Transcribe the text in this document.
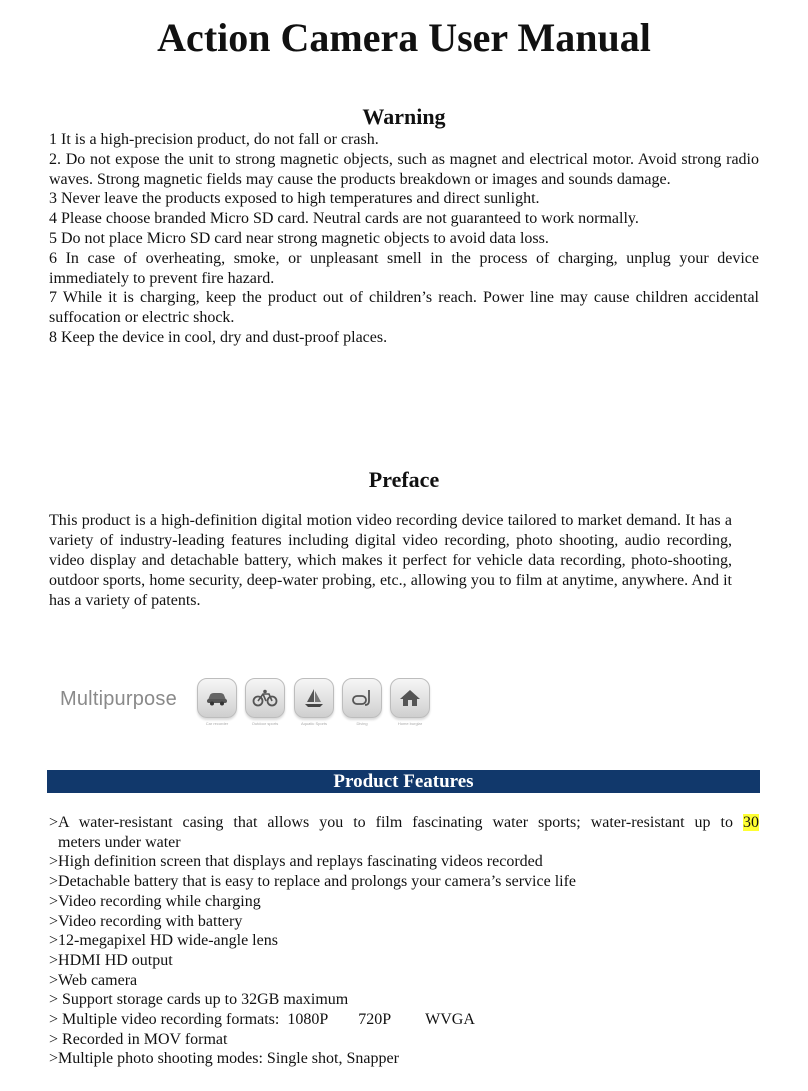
Action Camera User Manual
Warning

1 It is a high-precision product, do not fall or crash.

2. Do not expose the unit to strong magnetic objects, such as magnet and electrical motor. Avoid strong radio waves. Strong magnetic fields may cause the products breakdown or images and sounds damage.

3 Never leave the products exposed to high temperatures and direct sunlight.

4 Please choose branded Micro SD card. Neutral cards are not guaranteed to work normally.

5 Do not place Micro SD card near strong magnetic objects to avoid data loss.

6 In case of overheating, smoke, or unpleasant smell in the process of charging, unplug your device immediately to prevent fire hazard.

7 While it is charging, keep the product out of children’s reach. Power line may cause children accidental suffocation or electric shock.

8 Keep the device in cool, dry and dust-proof places.

Preface

This product is a high-definition digital motion video recording device tailored to market demand. It has a variety of industry-leading features including digital video recording, photo shooting, audio recording, video display and detachable battery, which makes it perfect for vehicle data recording, photo-shooting, outdoor sports, home security, deep-water probing, etc., allowing you to film at anytime, anywhere. And it has a variety of patents.

Multipurpose
Car recorder	Outdoor sports	Aquatic Sports	Diving	Home burglar
Product Features

>A water-resistant casing that allows you to film fascinating water sports; water-resistant up to 30

meters under water

>High definition screen that displays and replays fascinating videos recorded

>Detachable battery that is easy to replace and prolongs your camera’s service life

>Video recording while charging

>Video recording with battery

>12-megapixel HD wide-angle lens

>HDMI HD output

>Web camera

> Support storage cards up to 32GB maximum

> Multiple video recording formats: 1080P 720P WVGA

> Recorded in MOV format

>Multiple photo shooting modes: Single shot, Snapper
